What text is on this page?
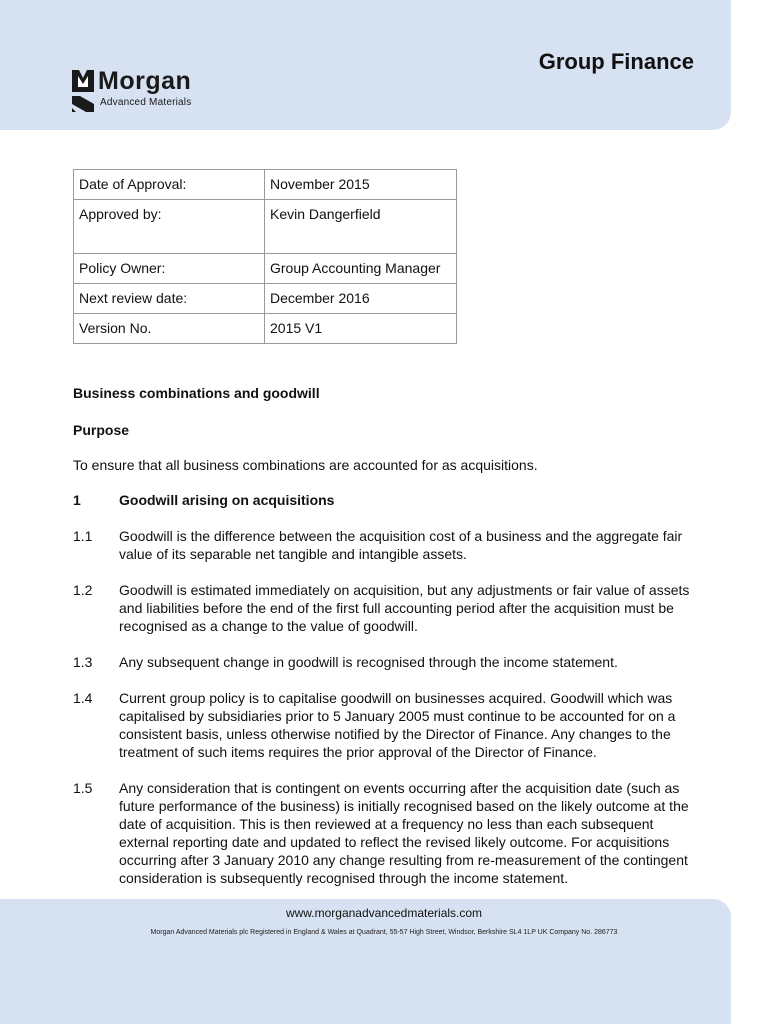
Morgan
Advanced Materials
Group Finance
Date of Approval:	November 2015
Approved by:	Kevin Dangerfield
Policy Owner:	Group Accounting Manager
Next review date:	December 2016
Version No.	2015 V1

Business combinations and goodwill

Purpose

To ensure that all business combinations are accounted for as acquisitions.

1	Goodwill arising on acquisitions
1.1	Goodwill is the difference between the acquisition cost of a business and the aggregate fair value of its separable net tangible and intangible assets.
1.2	Goodwill is estimated immediately on acquisition, but any adjustments or fair value of assets and liabilities before the end of the first full accounting period after the acquisition must be recognised as a change to the value of goodwill.
1.3	Any subsequent change in goodwill is recognised through the income statement.
1.4	Current group policy is to capitalise goodwill on businesses acquired. Goodwill which was capitalised by subsidiaries prior to 5 January 2005 must continue to be accounted for on a consistent basis, unless otherwise notified by the Director of Finance. Any changes to the treatment of such items requires the prior approval of the Director of Finance.
1.5	Any consideration that is contingent on events occurring after the acquisition date (such as future performance of the business) is initially recognised based on the likely outcome at the date of acquisition. This is then reviewed at a frequency no less than each subsequent external reporting date and updated to reflect the revised likely outcome. For acquisitions occurring after 3 January 2010 any change resulting from re-measurement of the contingent consideration is subsequently recognised through the income statement.
www.morganadvancedmaterials.com
Morgan Advanced Materials plc Registered in England & Wales at Quadrant, 55-57 High Street, Windsor, Berkshire SL4 1LP UK Company No. 286773
